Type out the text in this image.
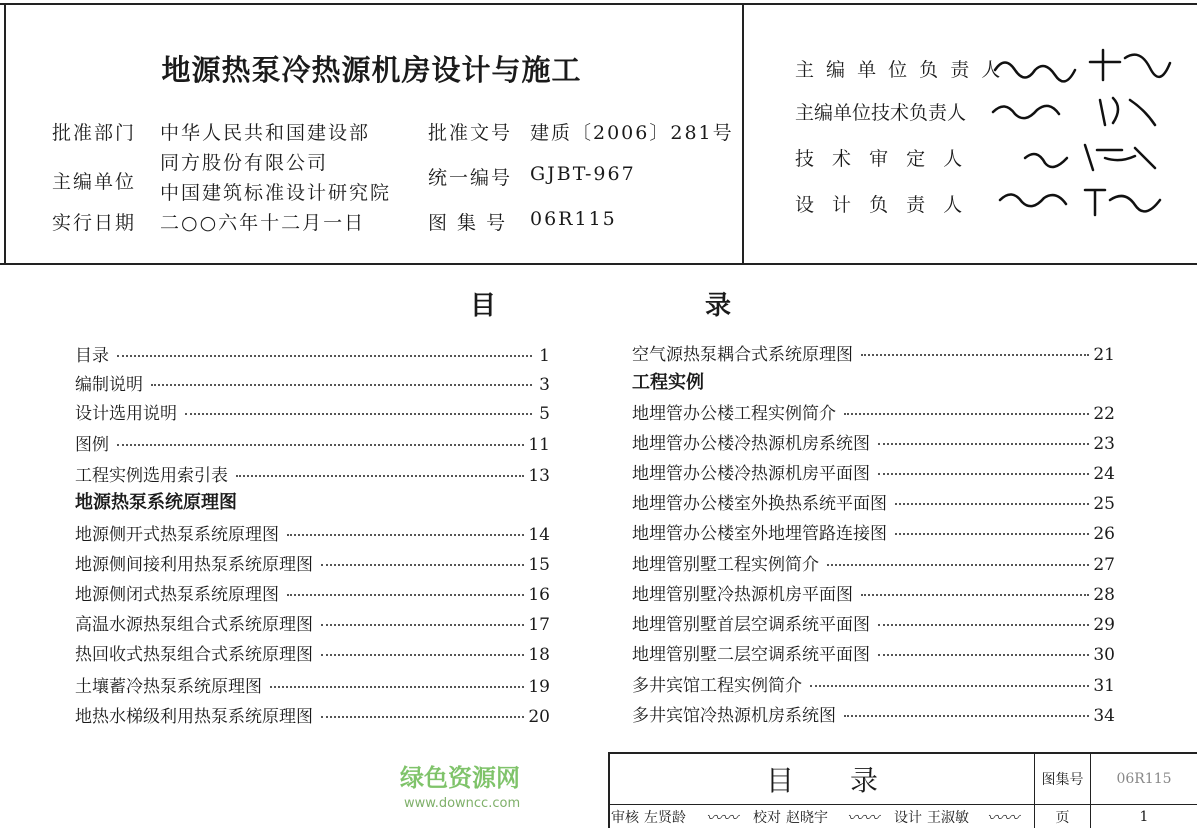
地源热泵冷热源机房设计与施工
批准部门 中华人民共和国建设部
主编单位
同方股份有限公司
中国建筑标准设计研究院
实行日期 二○○六年十二月一日
批准文号 建质〔2006〕281号
统一编号 GJBT-967
图 集 号 06R115
主 编 单 位 负 责 人
主编单位技术负责人
技 术 审 定 人
设 计 负 责 人
目	录
目录	1
编制说明	3
设计选用说明	5
图例	11
工程实例选用索引表	13
地源热泵系统原理图
地源侧开式热泵系统原理图	14
地源侧间接利用热泵系统原理图	15
地源侧闭式热泵系统原理图	16
高温水源热泵组合式系统原理图	17
热回收式热泵组合式系统原理图	18
土壤蓄冷热泵系统原理图	19
地热水梯级利用热泵系统原理图	20
空气源热泵耦合式系统原理图	21
工程实例
地埋管办公楼工程实例简介	22
地埋管办公楼冷热源机房系统图	23
地埋管办公楼冷热源机房平面图	24
地埋管办公楼室外换热系统平面图	25
地埋管办公楼室外地埋管路连接图	26
地埋管别墅工程实例简介	27
地埋管别墅冷热源机房平面图	28
地埋管别墅首层空调系统平面图	29
地埋管别墅二层空调系统平面图	30
多井宾馆工程实例简介	31
多井宾馆冷热源机房系统图	34
目　　录	图集号	06R115
审核 左贤龄	〰〰	校对 赵晓宇	〰〰	设计 王淑敏	〰〰	页	1
绿色资源网
www.downcc.com
